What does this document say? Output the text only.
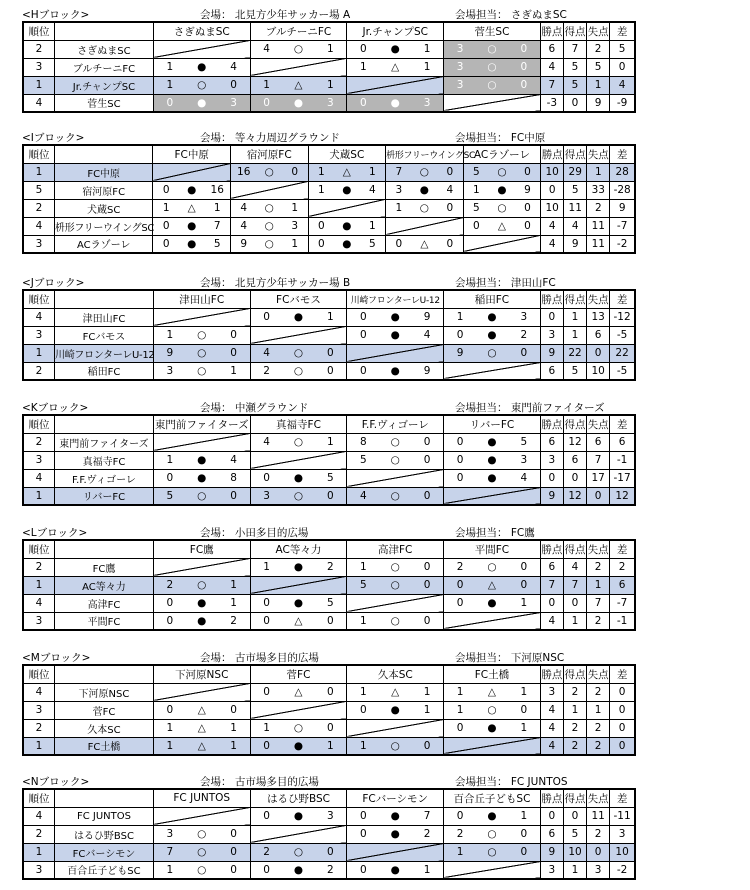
<Hブロック>	会場： 北見方少年サッカー場 A	会場担当： さぎぬまSC
順位		さぎぬまSC	ブルチーニFC	Jr.チャンプSC	菅生SC	勝点	得点	失点	差
2	さぎぬまSC		4 ○ 1	0 ● 1	3 ○ 0	6	7	2	5
3	ブルチーニFC	1 ● 4		1 △ 1	3 ○ 0	4	5	5	0
1	Jr.チャンプSC	1 ○ 0	1 △ 1		3 ○ 0	7	5	1	4
4	菅生SC	0 ● 3	0 ● 3	0 ● 3		-3	0	9	-9
<Iブロック>	会場： 等々力周辺グラウンド	会場担当： FC中原
順位		FC中原	宿河原FC	犬蔵SC	枡形フリーウイングSC	ACラゾーレ	勝点	得点	失点	差
1	FC中原		16 ○ 0	1 △ 1	7 ○ 0	5 ○ 0	10	29	1	28
5	宿河原FC	0 ● 16		1 ● 4	3 ● 4	1 ● 9	0	5	33	-28
2	犬蔵SC	1 △ 1	4 ○ 1		1 ○ 0	5 ○ 0	10	11	2	9
4	枡形フリーウイングSC	0 ● 7	4 ○ 3	0 ● 1		0 △ 0	4	4	11	-7
3	ACラゾーレ	0 ● 5	9 ○ 1	0 ● 5	0 △ 0		4	9	11	-2
<Jブロック>	会場： 北見方少年サッカー場 B	会場担当： 津田山FC
順位		津田山FC	FCバモス	川崎フロンターレU-12	稲田FC	勝点	得点	失点	差
4	津田山FC		0 ● 1	0 ● 9	1 ● 3	0	1	13	-12
3	FCバモス	1 ○ 0		0 ● 4	0 ● 2	3	1	6	-5
1	川崎フロンターレU-12	9 ○ 0	4 ○ 0		9 ○ 0	9	22	0	22
2	稲田FC	3 ○ 1	2 ○ 0	0 ● 9		6	5	10	-5
<Kブロック>	会場： 中瀬グラウンド	会場担当： 東門前ファイターズ
順位		東門前ファイターズ	真福寺FC	F.F.ヴィゴーレ	リバーFC	勝点	得点	失点	差
2	東門前ファイターズ		4 ○ 1	8 ○ 0	0 ● 5	6	12	6	6
3	真福寺FC	1 ● 4		5 ○ 0	0 ● 3	3	6	7	-1
4	F.F.ヴィゴーレ	0 ● 8	0 ● 5		0 ● 4	0	0	17	-17
1	リバーFC	5 ○ 0	3 ○ 0	4 ○ 0		9	12	0	12
<Lブロック>	会場： 小田多目的広場	会場担当： FC鷹
順位		FC鷹	AC等々力	高津FC	平間FC	勝点	得点	失点	差
2	FC鷹		1 ● 2	1 ○ 0	2 ○ 0	6	4	2	2
1	AC等々力	2 ○ 1		5 ○ 0	0 △ 0	7	7	1	6
4	高津FC	0 ● 1	0 ● 5		0 ● 1	0	0	7	-7
3	平間FC	0 ● 2	0 △ 0	1 ○ 0		4	1	2	-1
<Mブロック>	会場： 古市場多目的広場	会場担当： 下河原NSC
順位		下河原NSC	菅FC	久本SC	FC土橋	勝点	得点	失点	差
4	下河原NSC		0 △ 0	1 △ 1	1 △ 1	3	2	2	0
3	菅FC	0 △ 0		0 ● 1	1 ○ 0	4	1	1	0
2	久本SC	1 △ 1	1 ○ 0		0 ● 1	4	2	2	0
1	FC土橋	1 △ 1	0 ● 1	1 ○ 0		4	2	2	0
<Nブロック>	会場： 古市場多目的広場	会場担当： FC JUNTOS
順位		FC JUNTOS	はるひ野BSC	FCバーシモン	百合丘子どもSC	勝点	得点	失点	差
4	FC JUNTOS		0 ● 3	0 ● 7	0 ● 1	0	0	11	-11
2	はるひ野BSC	3 ○ 0		0 ● 2	2 ○ 0	6	5	2	3
1	FCバーシモン	7 ○ 0	2 ○ 0		1 ○ 0	9	10	0	10
3	百合丘子どもSC	1 ○ 0	0 ● 2	0 ● 1		3	1	3	-2
